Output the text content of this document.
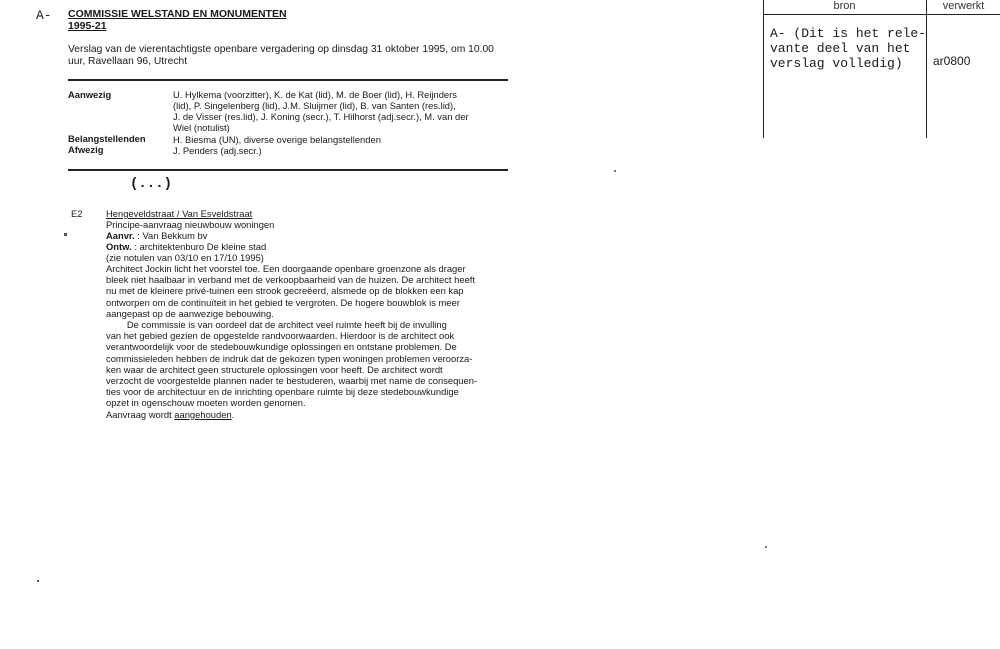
A- COMMISSIE WELSTAND EN MONUMENTEN
1995-21
Verslag van de vierentachtigste openbare vergadering op dinsdag 31 oktober 1995, om 10.00
uur, Ravellaan 96, Utrecht
Aanwezig	U. Hylkema (voorzitter), K. de Kat (lid), M. de Boer (lid), H. Reijnders
(lid), P. Singelenberg (lid), J.M. Sluijmer (lid), B. van Santen (res.lid),
J. de Visser (res.lid), J. Koning (secr.), T. Hilhorst (adj.secr.), M. van der
Wiel (notulist)
Belangstellenden	H. Biesma (UN), diverse overige belangstellenden
Afwezig	J. Penders (adj.secr.)
(...)
E2	Hengeveldstraat / Van Esveldstraat
Principe-aanvraag nieuwbouw woningen
Aanvr. : Van Bekkum bv
Ontw. : architektenburo De kleine stad
(zie notulen van 03/10 en 17/10 1995)
Architect Jockin licht het voorstel toe. Een doorgaande openbare groenzone als drager
bleek niet haalbaar in verband met de verkoopbaarheid van de huizen. De architect heeft
nu met de kleinere privé-tuinen een strook gecreëerd, alsmede op de blokken een kap
ontworpen om de continuïteit in het gebied te vergroten. De hogere bouwblok is meer
aangepast op de aanwezige bebouwing.
De commissie is van oordeel dat de architect veel ruimte heeft bij de invulling
van het gebied gezien de opgestelde randvoorwaarden. Hierdoor is de architect ook
verantwoordelijk voor de stedebouwkundige oplossingen en ontstane problemen. De
commissieleden hebben de indruk dat de gekozen typen woningen problemen veroorza-
ken waar de architect geen structurele oplossingen voor heeft. De architect wordt
verzocht de voorgestelde plannen nader te bestuderen, waarbij met name de consequen-
ties voor de architectuur en de inrichting openbare ruimte bij deze stedebouwkundige
opzet in ogenschouw moeten worden genomen.
Aanvraag wordt aangehouden.
bron	verwerkt
A- (Dit is het rele-
vante deel van het
verslag volledig)	ar0800
